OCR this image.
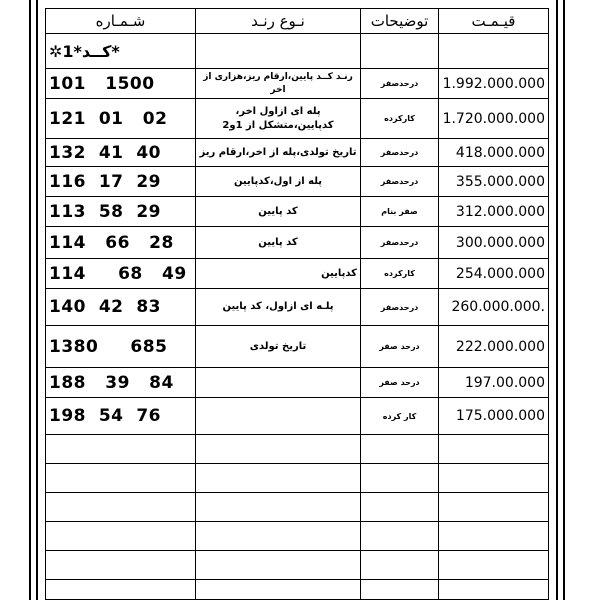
شـمـاره	نـوع رنـد	توضیحات	قیـمـت
✲کــد*1*			
101   1500	رنـد کــد پایین،ارقام ریز،هزاری از اخر	درحدصفر	1.992.000.000
121  01   02	پله ای ازاول اخر، کدپایین،متشکل از 1و2	کارکرده	1.720.000.000
132  41  40	تاریخ تولدی،پله از اخر،ارقام ریز	درحدصفر	418.000.000
116  17  29	پله از اول،کدپایین	درحدصفر	355.000.000
113  58  29	کد پایین	صفر بنام	312.000.000
114   66   28	کد پایین	درحدصفر	300.000.000
114     68   49	کدپایین	کارکرده	254.000.000
140  42  83	پلـه ای ازاول، کد پایین	درحدصفر	260.000.000.
1380     685	تاریخ تولدی	درحد صفر	222.000.000
188   39   84		درحد صفر	197.00.000
198  54  76		کار کرده	175.000.000
